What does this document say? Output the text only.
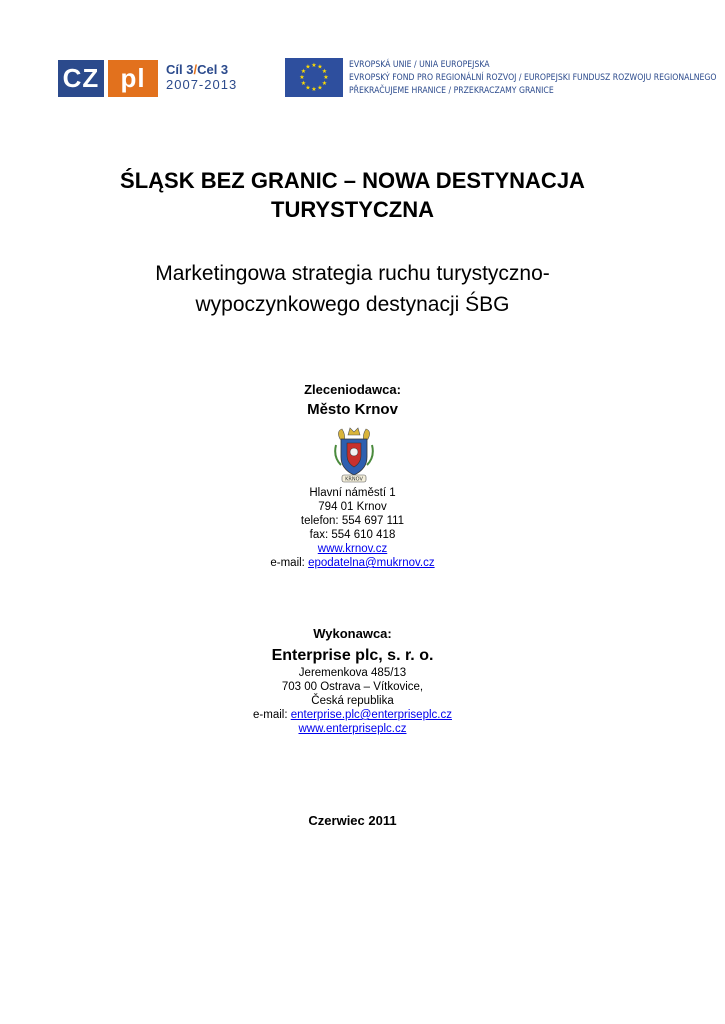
CZ pl Cíl 3/Cel 3
2007-2013
★ ★
★
★
★
★
★
★
★
★
★
★	EVROPSKÁ UNIE / UNIA EUROPEJSKA
EVROPSKÝ FOND PRO REGIONÁLNÍ ROZVOJ / EUROPEJSKI FUNDUSZ ROZWOJU REGIONALNEGO
PŘEKRAČUJEME HRANICE / PRZEKRACZAMY GRANICE
ŚLĄSK BEZ GRANIC – NOWA DESTYNACJA
TURYSTYCZNA
Marketingowa strategia ruchu turystyczno-
wypoczynkowego destynacji ŚBG
Zleceniodawca:
Město Krnov
KRNOV
Hlavní náměstí 1
794 01 Krnov
telefon: 554 697 111
fax: 554 610 418
www.krnov.cz
e-mail: epodatelna@mukrnov.cz
Wykonawca:
Enterprise plc, s. r. o.
Jeremenkova 485/13
703 00 Ostrava – Vítkovice,
Česká republika
e-mail: enterprise.plc@enterpriseplc.cz
www.enterpriseplc.cz
Czerwiec 2011
